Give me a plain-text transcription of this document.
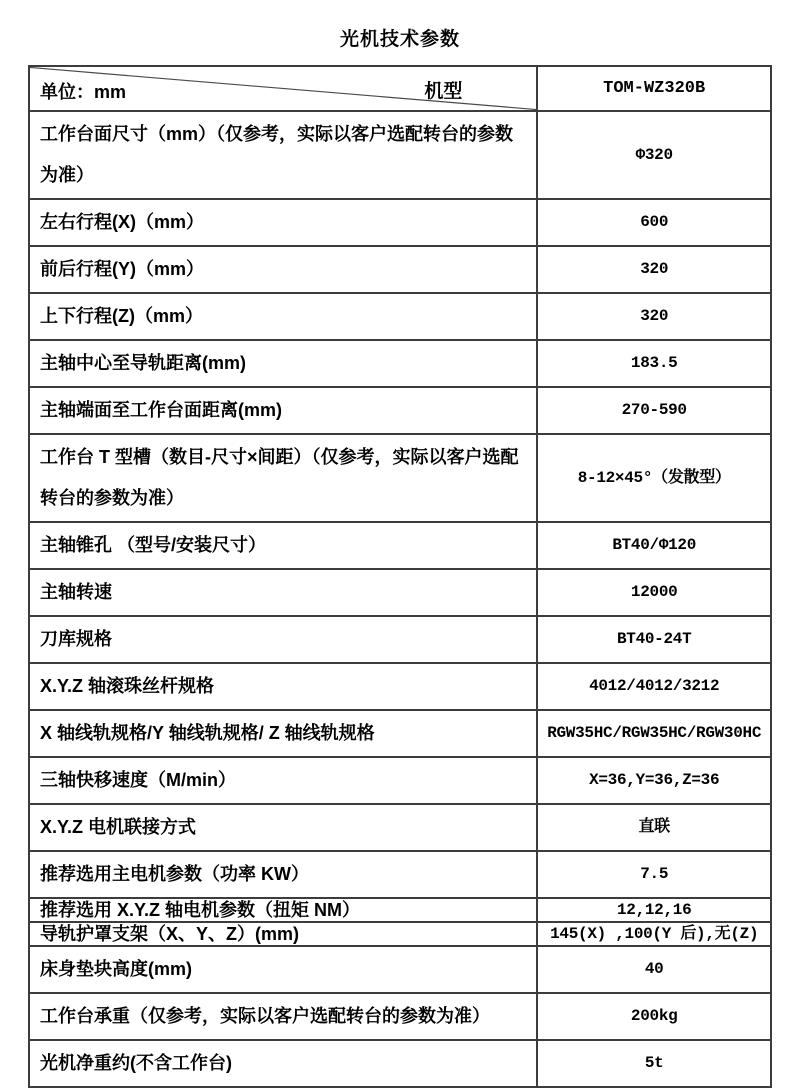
光机技术参数
单位：mm 机型	TOM-WZ320B
工作台面尺寸（mm）（仅参考，实际以客户选配转台的参数为准）	Φ320
左右行程(X)（mm）	600
前后行程(Y)（mm）	320
上下行程(Z)（mm）	320
主轴中心至导轨距离(mm)	183.5
主轴端面至工作台面距离(mm)	270-590
工作台 T 型槽（数目-尺寸×间距）（仅参考，实际以客户选配转台的参数为准）	8-12×45°（发散型）
主轴锥孔 （型号/安装尺寸）	BT40/Φ120
主轴转速	12000
刀库规格	BT40-24T
X.Y.Z 轴滚珠丝杆规格	4012/4012/3212
X 轴线轨规格/Y 轴线轨规格/ Z 轴线轨规格	RGW35HC/RGW35HC/RGW30HC
三轴快移速度（M/min）	X=36,Y=36,Z=36
X.Y.Z 电机联接方式	直联
推荐选用主电机参数（功率 KW）	7.5
推荐选用 X.Y.Z 轴电机参数（扭矩 NM）	12,12,16
导轨护罩支架（X、Y、Z）(mm)	145(X) ,100(Y 后),无(Z)
床身垫块高度(mm)	40
工作台承重（仅参考，实际以客户选配转台的参数为准）	200kg
光机净重约(不含工作台)	5t
